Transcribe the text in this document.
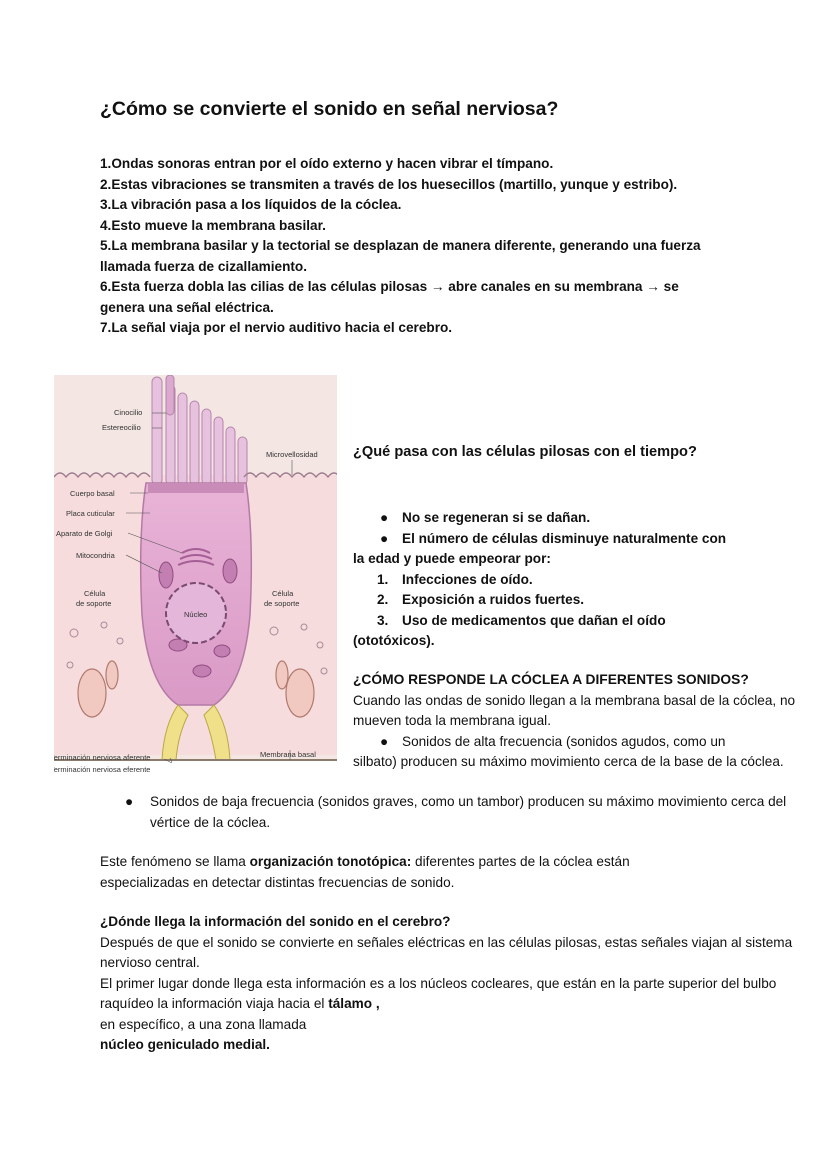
¿Cómo se convierte el sonido en señal nerviosa?

1.Ondas sonoras entran por el oído externo y hacen vibrar el tímpano.

2.Estas vibraciones se transmiten a través de los huesecillos (martillo, yunque y estribo).

3.La vibración pasa a los líquidos de la cóclea.

4.Esto mueve la membrana basilar.

5.La membrana basilar y la tectorial se desplazan de manera diferente, generando una fuerza llamada fuerza de cizallamiento.

6.Esta fuerza dobla las cilias de las células pilosas → abre canales en su membrana → se genera una señal eléctrica.

7.La señal viaja por el nervio auditivo hacia el cerebro.

Cinocilio
Estereocilio
Microvellosidad
Cuerpo basal
Placa cuticular
Aparato de Golgi
Mitocondria
Célula
de soporte
Célula
de soporte
Núcleo
Terminación nerviosa aferente
Terminación nerviosa eferente
Membrana basal

¿Qué pasa con las células pilosas con el tiempo?

● No se regeneran si se dañan.
● El número de células disminuye naturalmente con
la edad y puede empeorar por:
1. Infecciones de oído.
2. Exposición a ruidos fuertes.
3. Uso de medicamentos que dañan el oído
(ototóxicos).
¿CÓMO RESPONDE LA CÓCLEA A DIFERENTES SONIDOS?
Cuando las ondas de sonido llegan a la membrana basal de la cóclea, no mueven toda la membrana igual.
● Sonidos de alta frecuencia (sonidos agudos, como un
silbato) producen su máximo movimiento cerca de la base de la cóclea.
●	Sonidos de baja frecuencia (sonidos graves, como un tambor) producen su máximo movimiento cerca del vértice de la cóclea.
Este fenómeno se llama organización tonotópica: diferentes partes de la cóclea están especializadas en detectar distintas frecuencias de sonido.

¿Dónde llega la información del sonido en el cerebro?

Después de que el sonido se convierte en señales eléctricas en las células pilosas, estas señales viajan al sistema nervioso central.

El primer lugar donde llega esta información es a los núcleos cocleares, que están en la parte superior del bulbo raquídeo la información viaja hacia el tálamo ,

en específico, a una zona llamada

núcleo geniculado medial.
